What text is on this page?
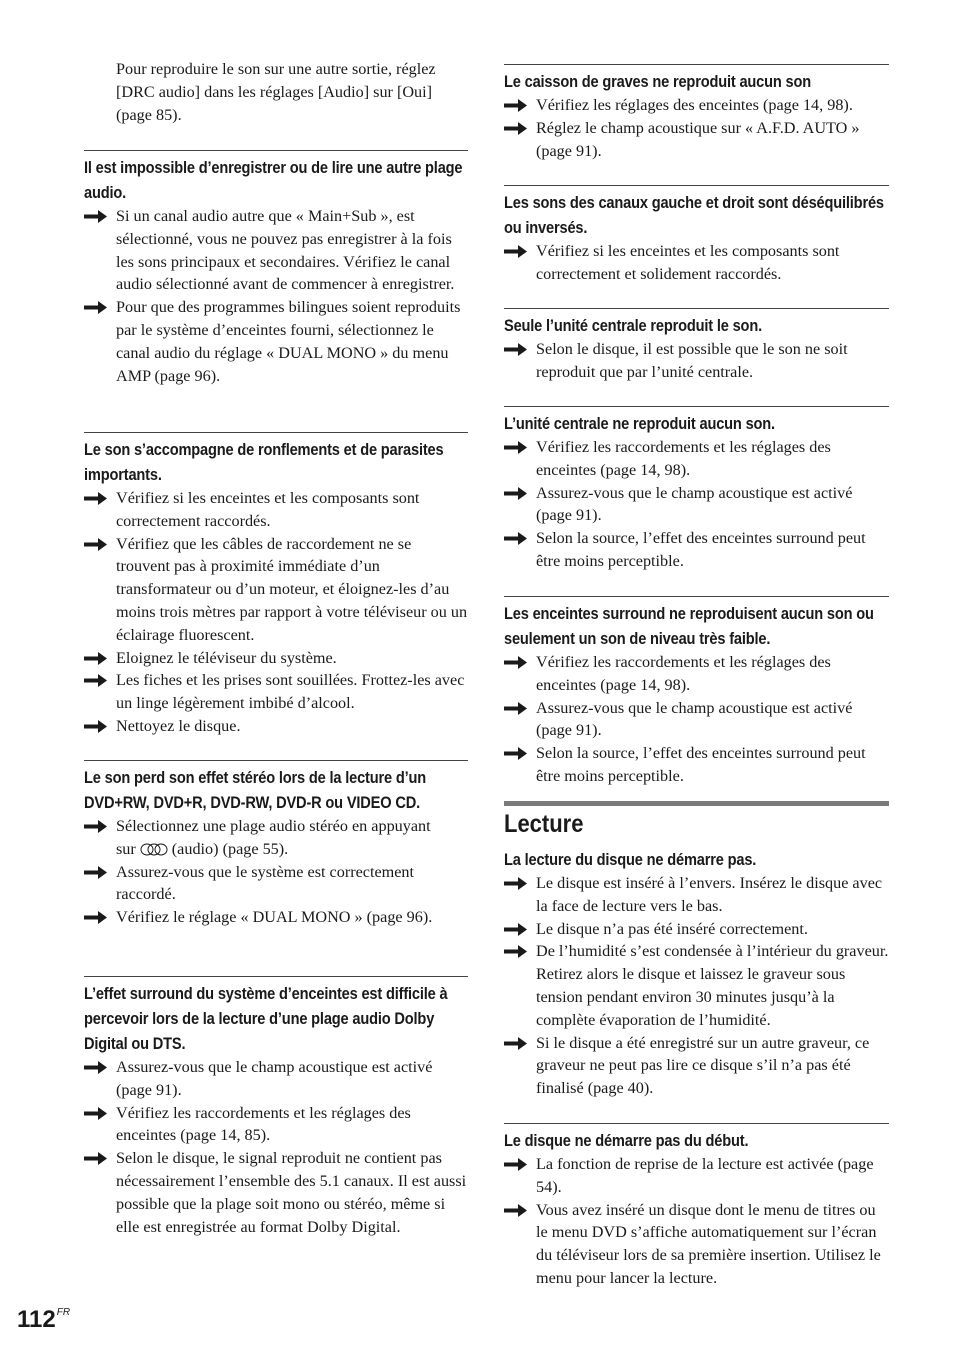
Pour reproduire le son sur une autre sortie, réglez [DRC audio] dans les réglages [Audio] sur [Oui] (page 85).
Il est impossible d’enregistrer ou de lire une autre plage audio.
Si un canal audio autre que « Main+Sub », est sélectionné, vous ne pouvez pas enregistrer à la fois les sons principaux et secondaires. Vérifiez le canal audio sélectionné avant de commencer à enregistrer.
Pour que des programmes bilingues soient reproduits par le système d’enceintes fourni, sélectionnez le canal audio du réglage « DUAL MONO » du menu AMP (page 96).
Le son s’accompagne de ronflements et de parasites importants.
Vérifiez si les enceintes et les composants sont correctement raccordés.
Vérifiez que les câbles de raccordement ne se trouvent pas à proximité immédiate d’un transformateur ou d’un moteur, et éloignez-les d’au moins trois mètres par rapport à votre téléviseur ou un éclairage fluorescent.
Eloignez le téléviseur du système.
Les fiches et les prises sont souillées. Frottez-les avec un linge légèrement imbibé d’alcool.
Nettoyez le disque.
Le son perd son effet stéréo lors de la lecture d’un DVD+RW, DVD+R, DVD-RW, DVD-R ou VIDEO CD.
Sélectionnez une plage audio stéréo en appuyant
sur (audio) (page 55).
Assurez-vous que le système est correctement raccordé.
Vérifiez le réglage « DUAL MONO » (page 96).
L’effet surround du système d’enceintes est difficile à percevoir lors de la lecture d’une plage audio Dolby Digital ou DTS.
Assurez-vous que le champ acoustique est activé (page 91).
Vérifiez les raccordements et les réglages des enceintes (page 14, 85).
Selon le disque, le signal reproduit ne contient pas nécessairement l’ensemble des 5.1 canaux. Il est aussi possible que la plage soit mono ou stéréo, même si elle est enregistrée au format Dolby Digital.
Le caisson de graves ne reproduit aucun son
Vérifiez les réglages des enceintes (page 14, 98).
Réglez le champ acoustique sur « A.F.D. AUTO » (page 91).
Les sons des canaux gauche et droit sont déséquilibrés ou inversés.
Vérifiez si les enceintes et les composants sont correctement et solidement raccordés.
Seule l’unité centrale reproduit le son.
Selon le disque, il est possible que le son ne soit reproduit que par l’unité centrale.
L’unité centrale ne reproduit aucun son.
Vérifiez les raccordements et les réglages des enceintes (page 14, 98).
Assurez-vous que le champ acoustique est activé (page 91).
Selon la source, l’effet des enceintes surround peut être moins perceptible.
Les enceintes surround ne reproduisent aucun son ou seulement un son de niveau très faible.
Vérifiez les raccordements et les réglages des enceintes (page 14, 98).
Assurez-vous que le champ acoustique est activé (page 91).
Selon la source, l’effet des enceintes surround peut être moins perceptible.
Lecture
La lecture du disque ne démarre pas.
Le disque est inséré à l’envers. Insérez le disque avec la face de lecture vers le bas.
Le disque n’a pas été inséré correctement.
De l’humidité s’est condensée à l’intérieur du graveur. Retirez alors le disque et laissez le graveur sous tension pendant environ 30 minutes jusqu’à la complète évaporation de l’humidité.
Si le disque a été enregistré sur un autre graveur, ce graveur ne peut pas lire ce disque s’il n’a pas été finalisé (page 40).
Le disque ne démarre pas du début.
La fonction de reprise de la lecture est activée (page 54).
Vous avez inséré un disque dont le menu de titres ou le menu DVD s’affiche automatiquement sur l’écran du téléviseur lors de sa première insertion. Utilisez le menu pour lancer la lecture.
$112^{FR}$
